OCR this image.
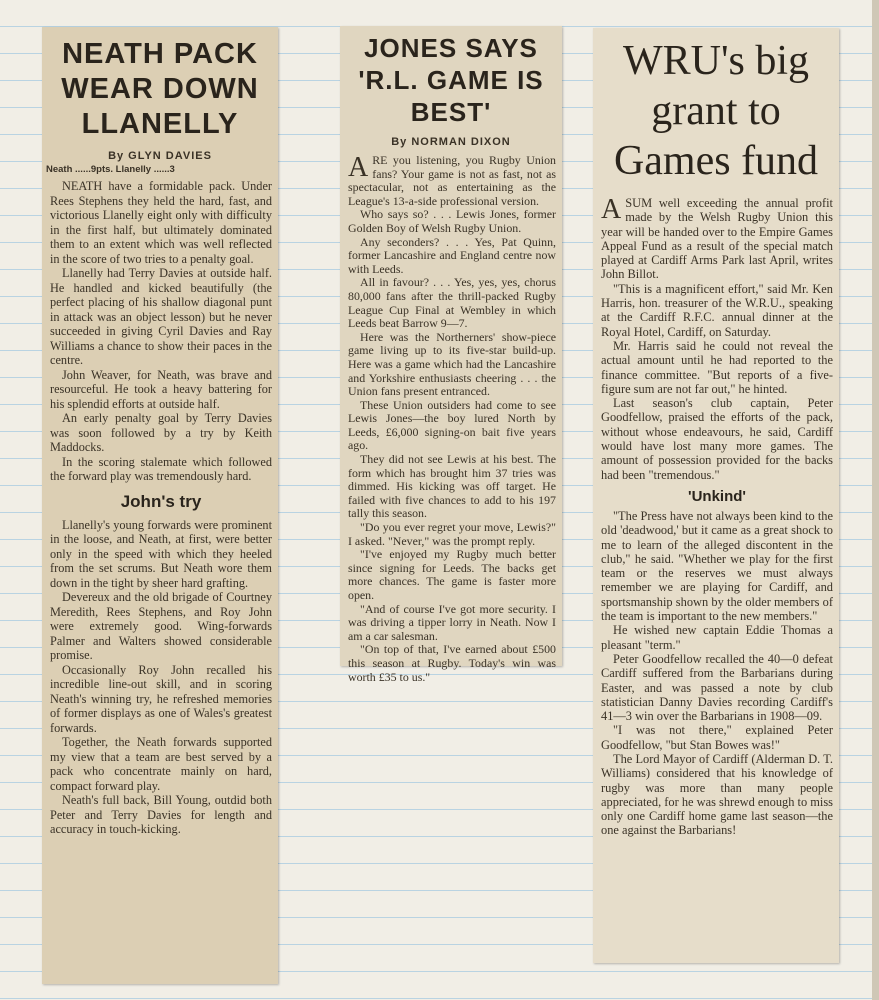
NEATH PACK WEAR DOWN LLANELLY
By GLYN DAVIES
Neath ......9pts. Llanelly ......3

NEATH have a formidable pack. Under Rees Stephens they held the hard, fast, and victorious Llanelly eight only with difficulty in the first half, but ultimately dominated them to an extent which was well reflected in the score of two tries to a penalty goal.

Llanelly had Terry Davies at outside half. He handled and kicked beautifully (the perfect placing of his shallow diagonal punt in attack was an object lesson) but he never succeeded in giving Cyril Davies and Ray Williams a chance to show their paces in the centre.

John Weaver, for Neath, was brave and resourceful. He took a heavy battering for his splendid efforts at outside half.

An early penalty goal by Terry Davies was soon followed by a try by Keith Maddocks.

In the scoring stalemate which followed the forward play was tremendously hard.

John's try

Llanelly's young forwards were prominent in the loose, and Neath, at first, were better only in the speed with which they heeled from the set scrums. But Neath wore them down in the tight by sheer hard grafting.

Devereux and the old brigade of Courtney Meredith, Rees Stephens, and Roy John were extremely good. Wing-forwards Palmer and Walters showed considerable promise.

Occasionally Roy John recalled his incredible line-out skill, and in scoring Neath's winning try, he refreshed memories of former displays as one of Wales's greatest forwards.

Together, the Neath forwards supported my view that a team are best served by a pack who concentrate mainly on hard, compact forward play.

Neath's full back, Bill Young, outdid both Peter and Terry Davies for length and accuracy in touch-kicking.

JONES SAYS 'R.L. GAME IS BEST'
By NORMAN DIXON

ARE you listening, you Rugby Union fans? Your game is not as fast, not as spectacular, not as entertaining as the League's 13-a-side professional version.

Who says so? . . . Lewis Jones, former Golden Boy of Welsh Rugby Union.

Any seconders? . . . Yes, Pat Quinn, former Lancashire and England centre now with Leeds.

All in favour? . . . Yes, yes, yes, chorus 80,000 fans after the thrill-packed Rugby League Cup Final at Wembley in which Leeds beat Barrow 9—7.

Here was the Northerners' show-piece game living up to its five-star build-up. Here was a game which had the Lancashire and Yorkshire enthusiasts cheering . . . the Union fans present entranced.

These Union outsiders had come to see Lewis Jones—the boy lured North by Leeds, £6,000 signing-on bait five years ago.

They did not see Lewis at his best. The form which has brought him 37 tries was dimmed. His kicking was off target. He failed with five chances to add to his 197 tally this season.

"Do you ever regret your move, Lewis?" I asked. "Never," was the prompt reply.

"I've enjoyed my Rugby much better since signing for Leeds. The backs get more chances. The game is faster more open.

"And of course I've got more security. I was driving a tipper lorry in Neath. Now I am a car salesman.

"On top of that, I've earned about £500 this season at Rugby. Today's win was worth £35 to us."

WRU's big grant to Games fund

ASUM well exceeding the annual profit made by the Welsh Rugby Union this year will be handed over to the Empire Games Appeal Fund as a result of the special match played at Cardiff Arms Park last April, writes John Billot.

"This is a magnificent effort," said Mr. Ken Harris, hon. treasurer of the W.R.U., speaking at the Cardiff R.F.C. annual dinner at the Royal Hotel, Cardiff, on Saturday.

Mr. Harris said he could not reveal the actual amount until he had reported to the finance committee. "But reports of a five-figure sum are not far out," he hinted.

Last season's club captain, Peter Goodfellow, praised the efforts of the pack, without whose endeavours, he said, Cardiff would have lost many more games. The amount of possession provided for the backs had been "tremendous."

'Unkind'

"The Press have not always been kind to the old 'deadwood,' but it came as a great shock to me to learn of the alleged discontent in the club," he said. "Whether we play for the first team or the reserves we must always remember we are playing for Cardiff, and sportsmanship shown by the older members of the team is important to the new members."

He wished new captain Eddie Thomas a pleasant "term."

Peter Goodfellow recalled the 40—0 defeat Cardiff suffered from the Barbarians during Easter, and was passed a note by club statistician Danny Davies recording Cardiff's 41—3 win over the Barbarians in 1908—09.

"I was not there," explained Peter Goodfellow, "but Stan Bowes was!"

The Lord Mayor of Cardiff (Alderman D. T. Williams) considered that his knowledge of rugby was more than many people appreciated, for he was shrewd enough to miss only one Cardiff home game last season—the one against the Barbarians!
